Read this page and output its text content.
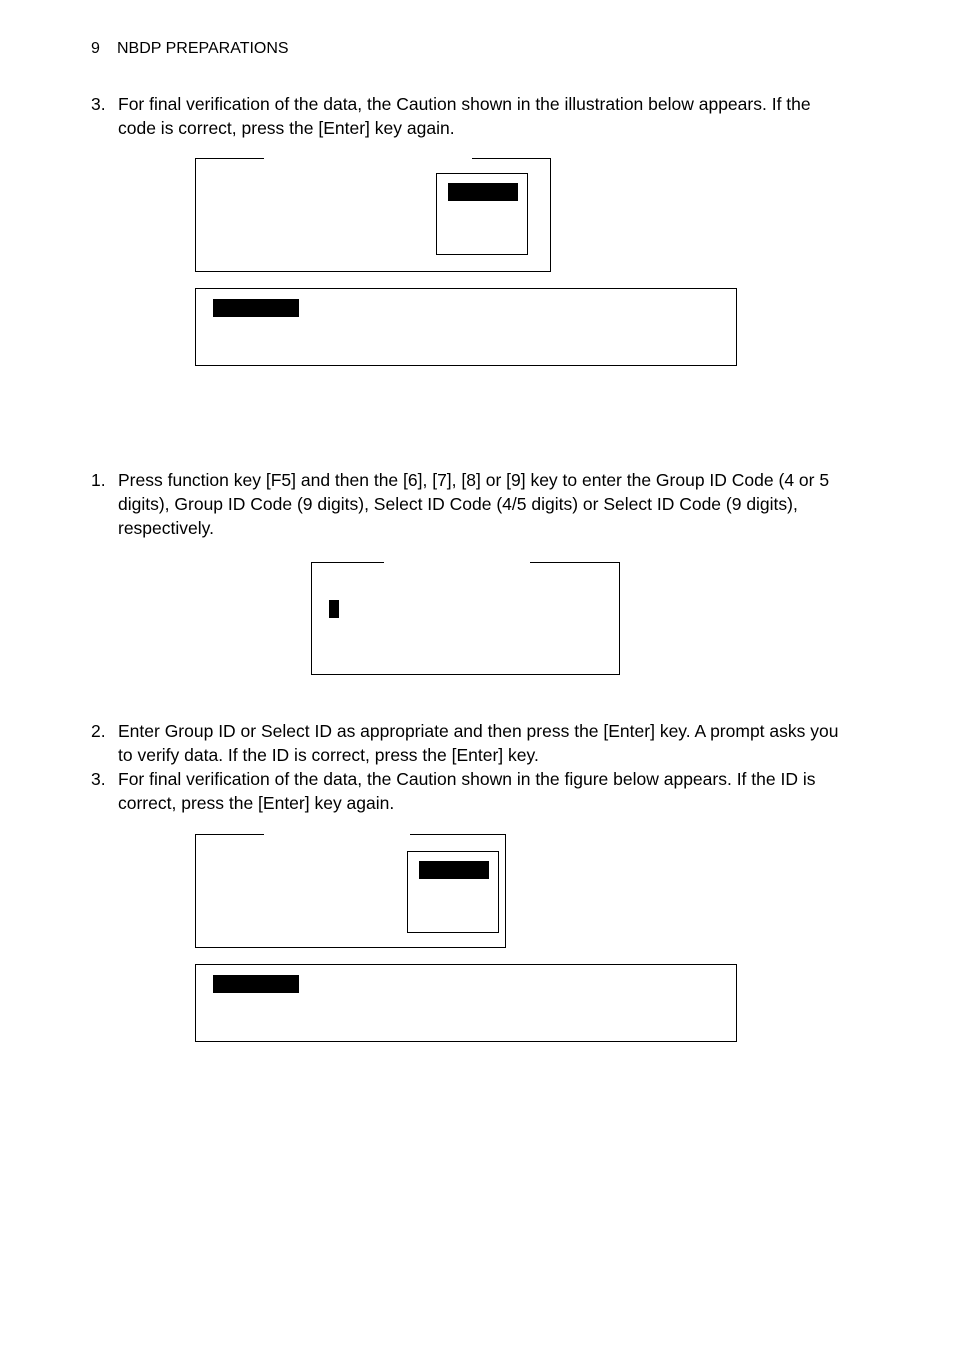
9 NBDP PREPARATIONS
3. For final verification of the data, the Caution shown in the illustration below appears. If the code is correct, press the [Enter] key again.
1. Press function key [F5] and then the [6], [7], [8] or [9] key to enter the Group ID Code (4 or 5 digits), Group ID Code (9 digits), Select ID Code (4/5 digits) or Select ID Code (9 digits), respectively.
2. Enter Group ID or Select ID as appropriate and then press the [Enter] key. A prompt asks you to verify data. If the ID is correct, press the [Enter] key.
3. For final verification of the data, the Caution shown in the figure below appears. If the ID is correct, press the [Enter] key again.
